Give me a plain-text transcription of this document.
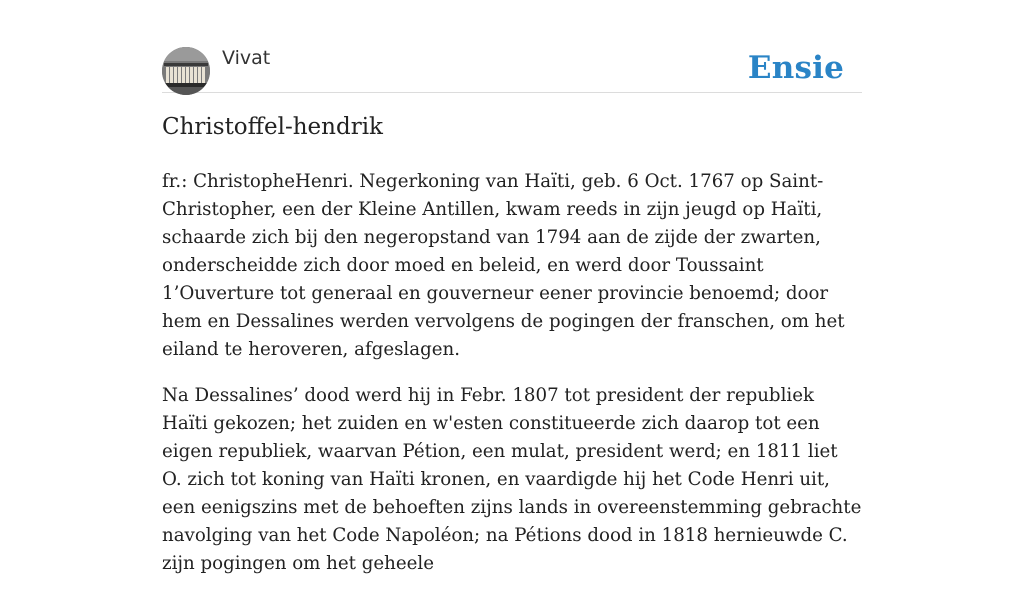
Vivat	Ensie
Christoffel-hendrik

fr.: ChristopheHenri. Negerkoning van Haïti, geb. 6 Oct. 1767 op Saint-Christopher, een der Kleine Antillen, kwam reeds in zijn jeugd op Haïti, schaarde zich bij den negeropstand van 1794 aan de zijde der zwarten, onderscheidde zich door moed en beleid, en werd door Toussaint 1’Ouverture tot generaal en gouverneur eener provincie benoemd; door hem en Dessalines werden vervolgens de pogingen der franschen, om het eiland te heroveren, afgeslagen.

Na Dessalines’ dood werd hij in Febr. 1807 tot president der republiek Haïti gekozen; het zuiden en w'esten constitueerde zich daarop tot een eigen republiek, waarvan Pétion, een mulat, president werd; en 1811 liet O. zich tot koning van Haïti kronen, en vaardigde hij het Code Henri uit, een eenigszins met de behoeften zijns lands in overeenstemming gebrachte navolging van het Code Napoléon; na Pétions dood in 1818 hernieuwde C. zijn pogingen om het geheele
